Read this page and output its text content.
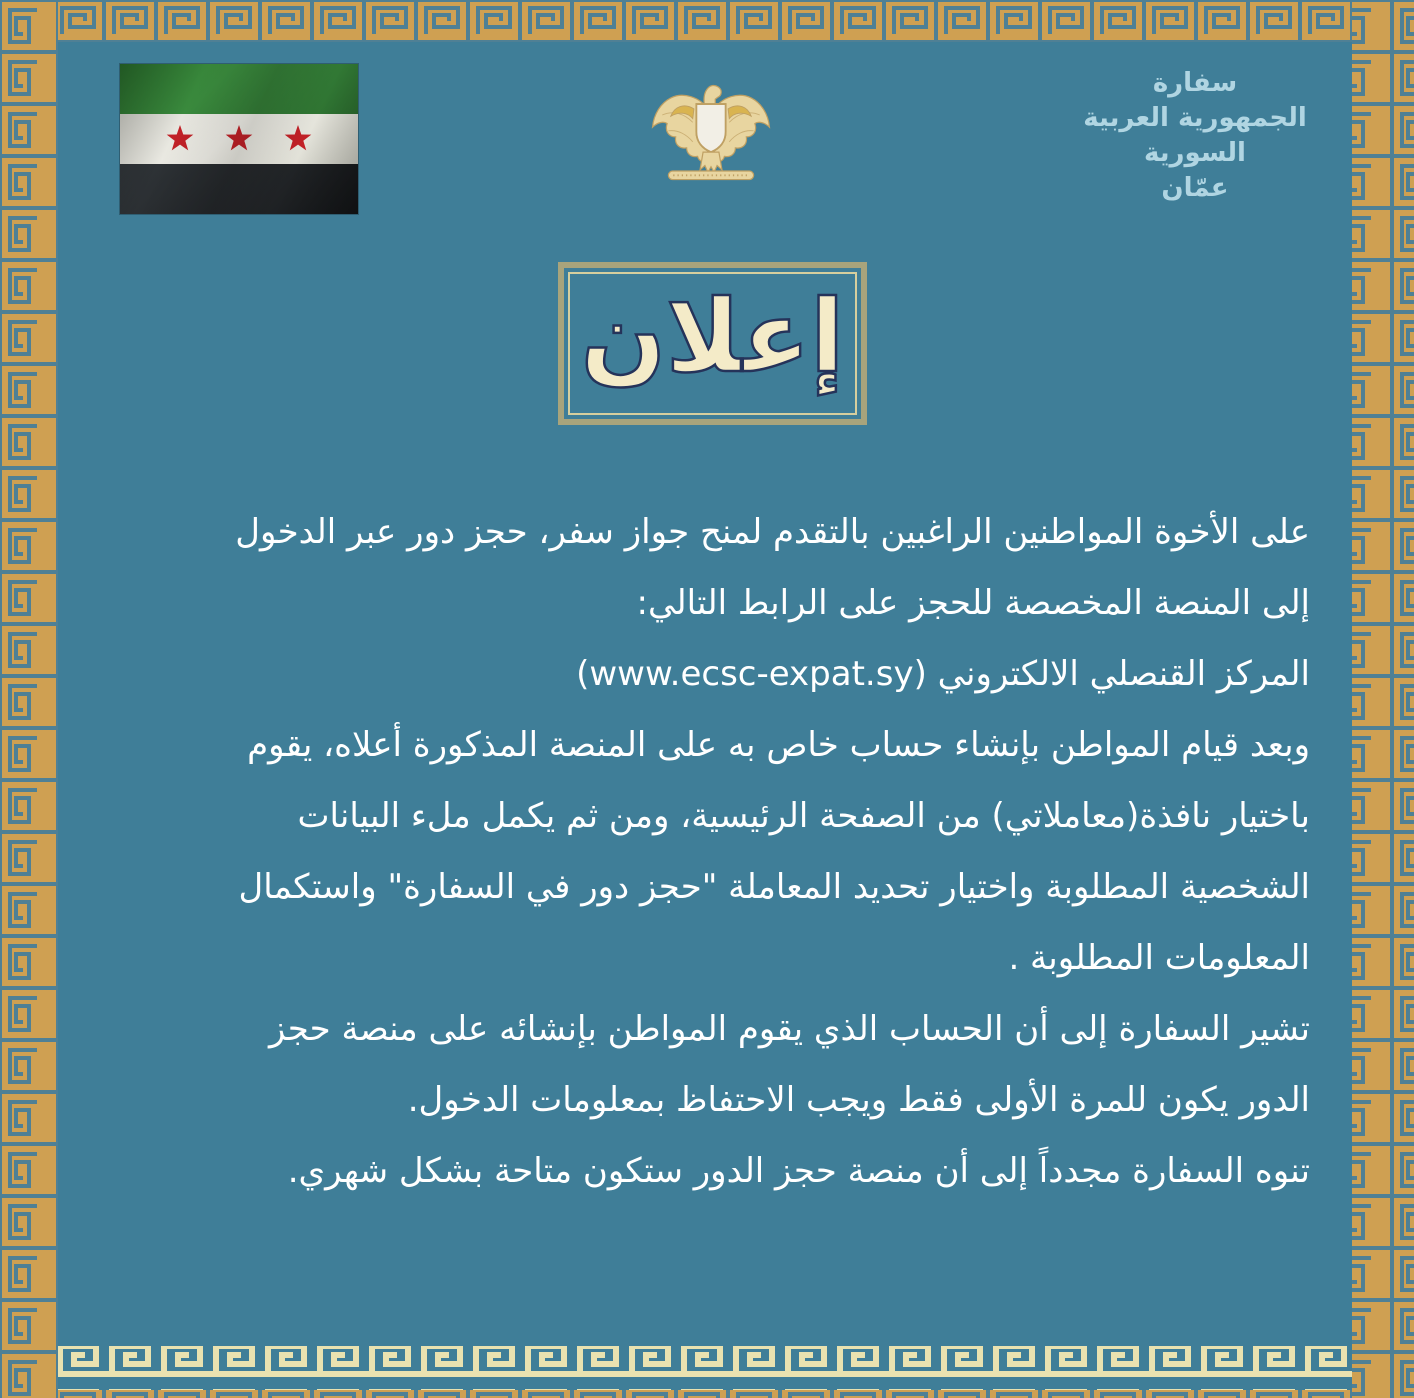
سفارة
الجمهورية العربية السورية
عمّان
إعلان
على الأخوة المواطنين الراغبين بالتقدم لمنح جواز سفر، حجز دور عبر الدخول
إلى المنصة المخصصة للحجز على الرابط التالي:
المركز القنصلي الالكتروني (www.ecsc-expat.sy)
وبعد قيام المواطن بإنشاء حساب خاص به على المنصة المذكورة أعلاه، يقوم
باختيار نافذة(معاملاتي) من الصفحة الرئيسية، ومن ثم يكمل ملء البيانات
الشخصية المطلوبة واختيار تحديد المعاملة "حجز دور في السفارة" واستكمال
المعلومات المطلوبة .
تشير السفارة إلى أن الحساب الذي يقوم المواطن بإنشائه على منصة حجز
الدور يكون للمرة الأولى فقط ويجب الاحتفاظ بمعلومات الدخول.
تنوه السفارة مجدداً إلى أن منصة حجز الدور ستكون متاحة بشكل شهري.
